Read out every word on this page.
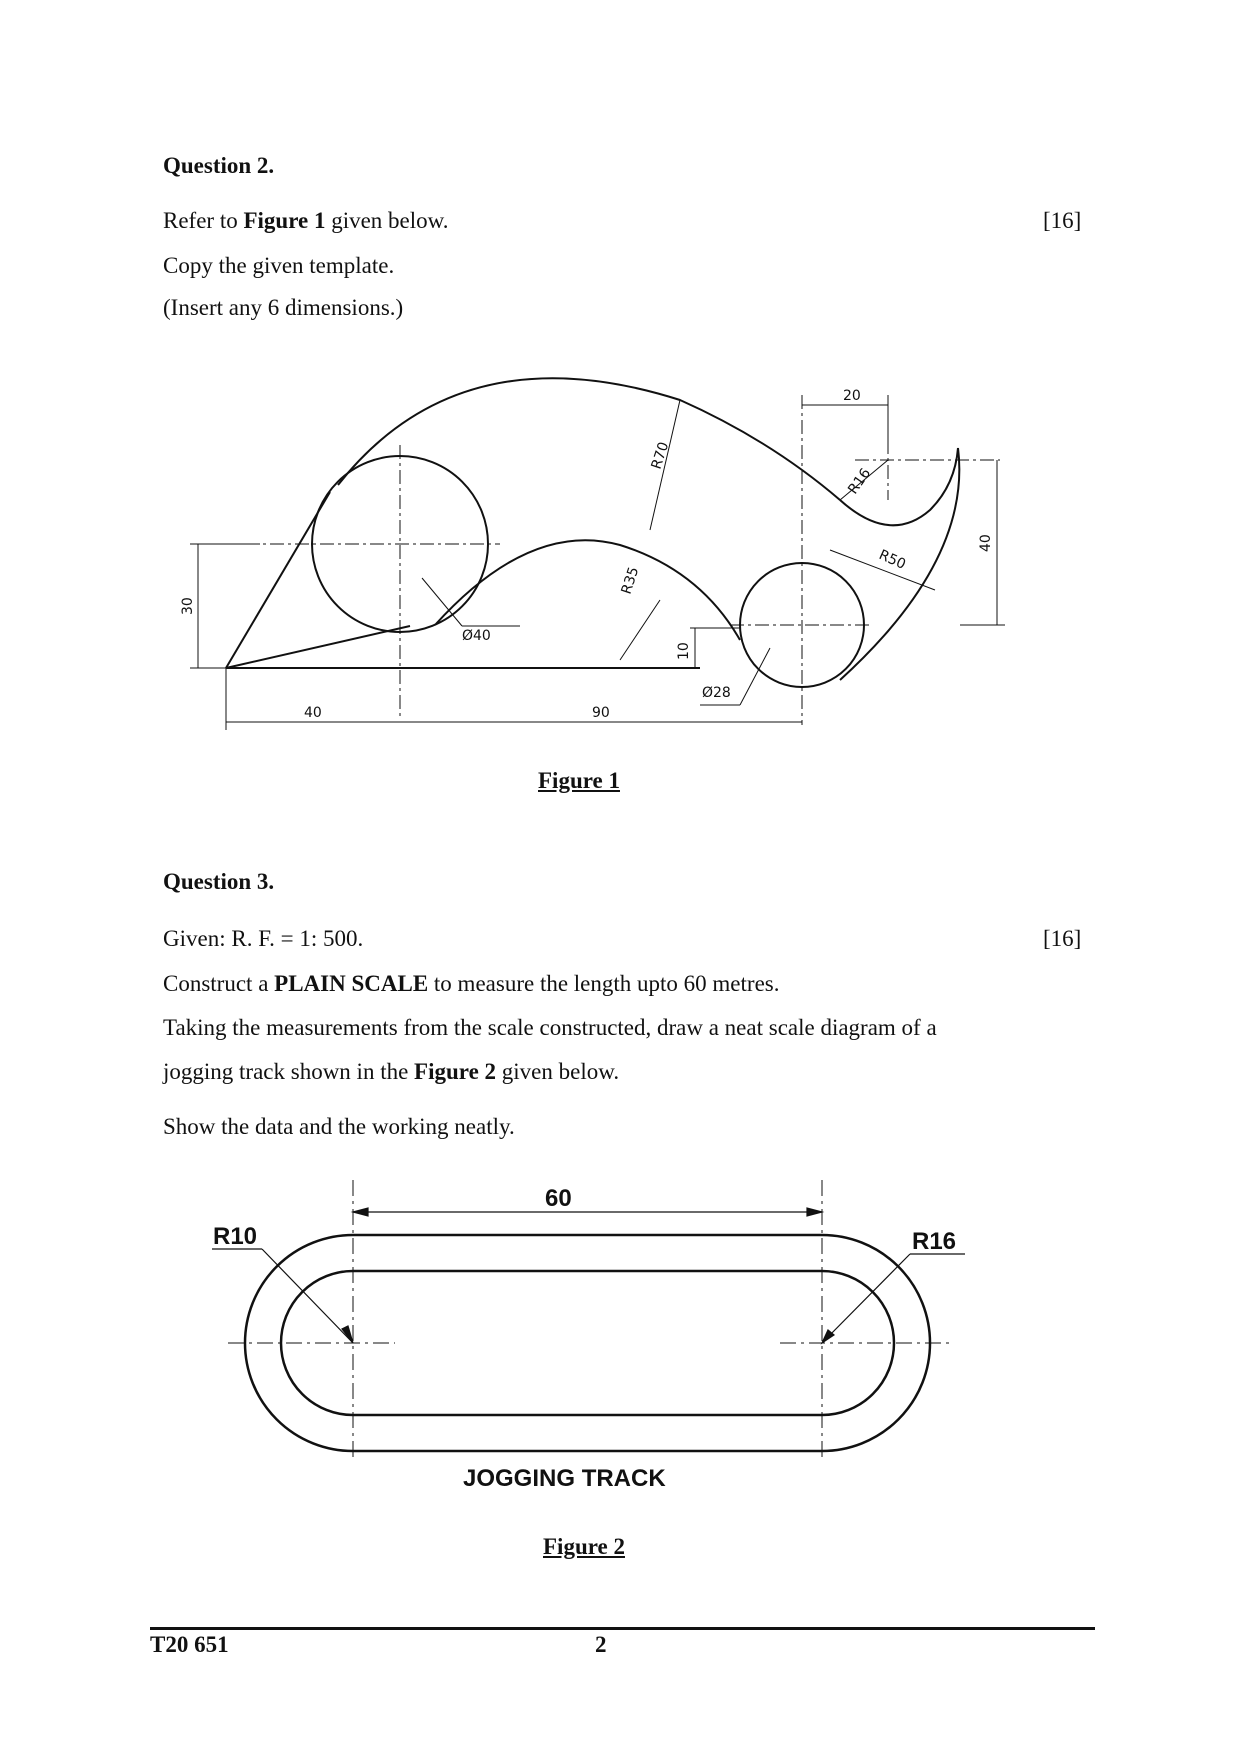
Question 2.
Refer to Figure 1 given below.	[16]
Copy the given template.
(Insert any 6 dimensions.)
20
R70
R16
R35
R50
40
30
Ø40
10
Ø28
40	90
Figure 1
Question 3.
Given: R. F. = 1: 500.	[16]
Construct a PLAIN SCALE to measure the length upto 60 metres.
Taking the measurements from the scale constructed, draw a neat scale diagram of a
jogging track shown in the Figure 2 given below.
Show the data and the working neatly.
60
R10	R16
JOGGING TRACK
Figure 2
T20 651	2
